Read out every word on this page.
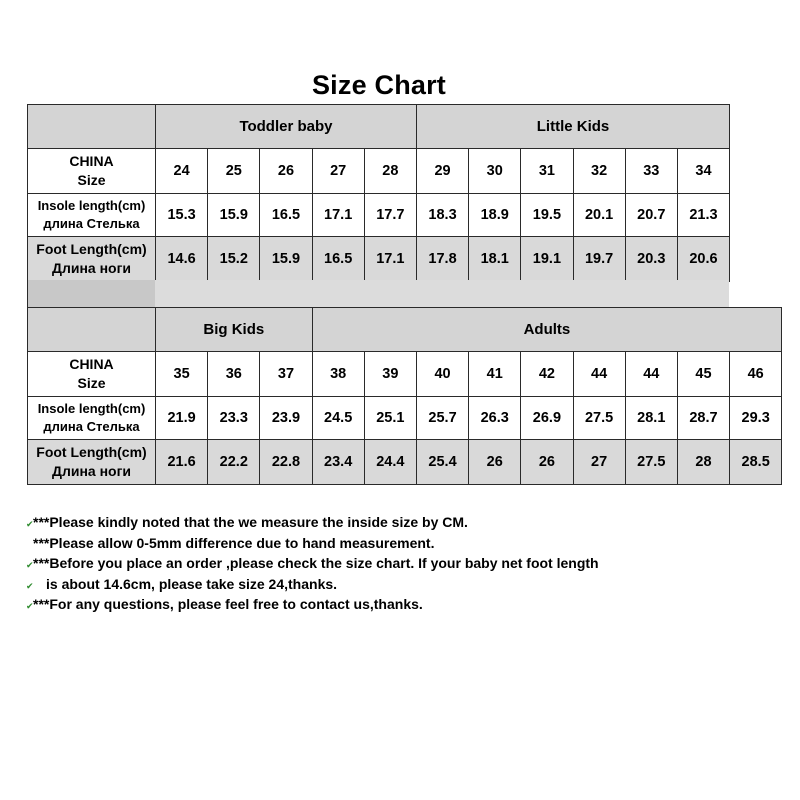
Size Chart
	Toddler baby					Little Kids					

CHINA
Size	24	25	26	27	28	29	30	31	32	33	34

Insole length(cm)
длина Стелька	15.3	15.9	16.5	17.1	17.7	18.3	18.9	19.5	20.1	20.7	21.3

Foot Length(cm)
Длина ноги	14.6	15.2	15.9	16.5	17.1	17.8	18.1	19.1	19.7	20.3	20.6
	Big Kids			Adults								

CHINA
Size	35	36	37	38	39	40	41	42	44	44	45	46

Insole length(cm)
длина Стелька	21.9	23.3	23.9	24.5	25.1	25.7	26.3	26.9	27.5	28.1	28.7	29.3

Foot Length(cm)
Длина ноги	21.6	22.2	22.8	23.4	24.4	25.4	26	26	27	27.5	28	28.5
✔ ***Please kindly noted that the we measure the inside size by CM.
***Please allow 0-5mm difference due to hand measurement.
✔ ***Before you place an order ,please check the size chart. If your baby net foot length
✔ is about 14.6cm, please take size 24,thanks.
✔ ***For any questions, please feel free to contact us,thanks.
